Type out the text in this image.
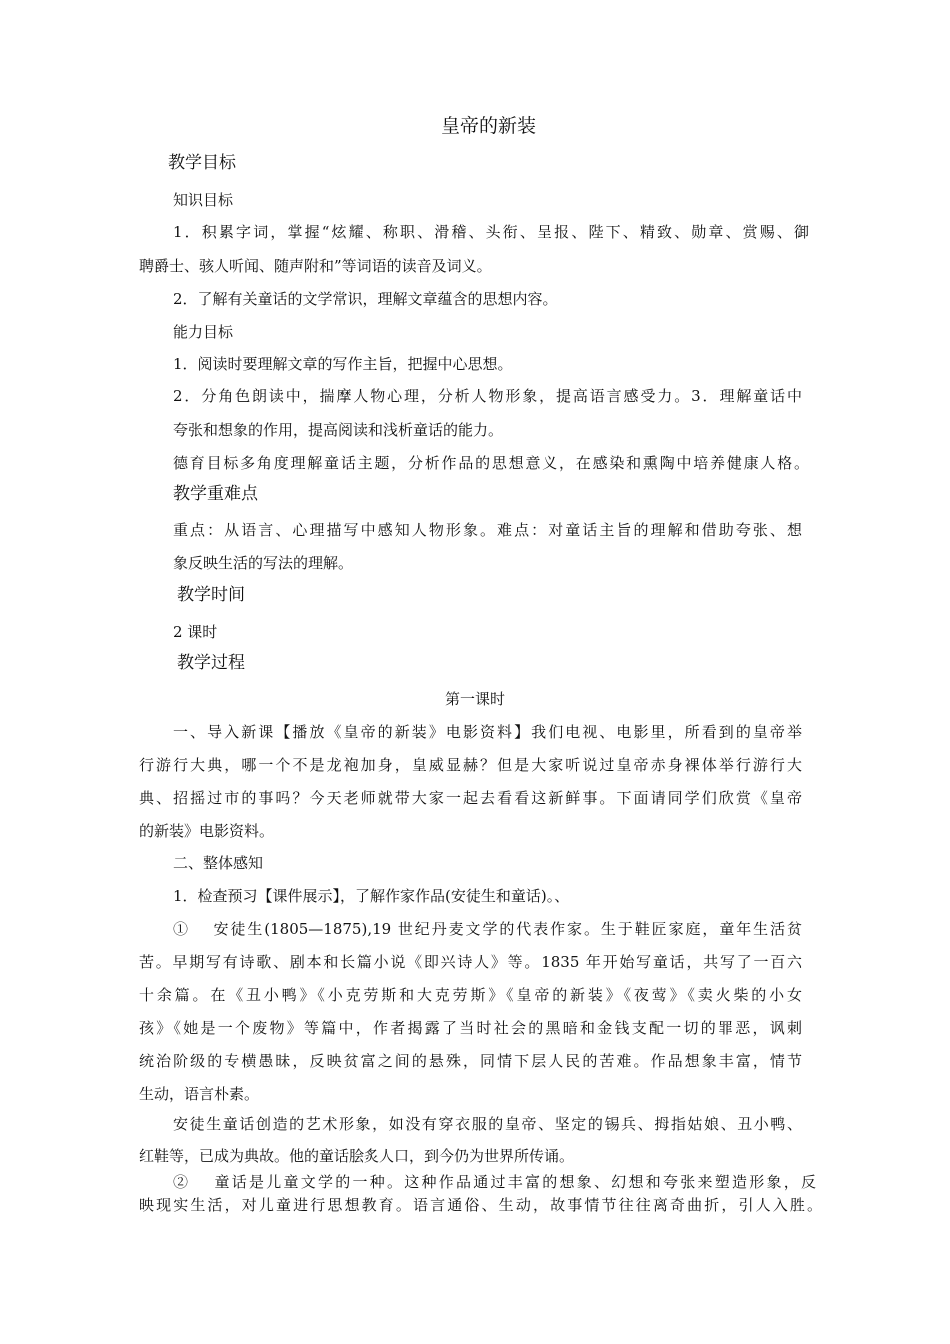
皇帝的新装
教学目标
知识目标
1．积累字词，掌握“炫耀、称职、滑稽、头衔、呈报、陛下、精致、勋章、赏赐、御
聘爵士、骇人听闻、随声附和”等词语的读音及词义。
2．了解有关童话的文学常识，理解文章蕴含的思想内容。
能力目标
1．阅读时要理解文章的写作主旨，把握中心思想。
2．分角色朗读中，揣摩人物心理，分析人物形象，提高语言感受力。3．理解童话中
夸张和想象的作用，提高阅读和浅析童话的能力。
德育目标多角度理解童话主题，分析作品的思想意义，在感染和熏陶中培养健康人格。
教学重难点
重点：从语言、心理描写中感知人物形象。难点：对童话主旨的理解和借助夸张、想
象反映生活的写法的理解。
教学时间
2 课时
教学过程
第一课时
一、导入新课【播放《皇帝的新装》电影资料】我们电视、电影里，所看到的皇帝举
行游行大典，哪一个不是龙袍加身，皇威显赫？但是大家听说过皇帝赤身裸体举行游行大
典、招摇过市的事吗？今天老师就带大家一起去看看这新鲜事。下面请同学们欣赏《皇帝
的新装》电影资料。
二、整体感知
1．检查预习【课件展示】，了解作家作品(安徒生和童话)。、
①　 安徒生(1805—1875),19 世纪丹麦文学的代表作家。生于鞋匠家庭，童年生活贫
苦。早期写有诗歌、剧本和长篇小说《即兴诗人》等。1835 年开始写童话，共写了一百六
十余篇。在《丑小鸭》《小克劳斯和大克劳斯》《皇帝的新装》《夜莺》《卖火柴的小女
孩》《她是一个废物》等篇中，作者揭露了当时社会的黑暗和金钱支配一切的罪恶，讽刺
统治阶级的专横愚昧，反映贫富之间的悬殊，同情下层人民的苦难。作品想象丰富，情节
生动，语言朴素。
安徒生童话创造的艺术形象，如没有穿衣服的皇帝、坚定的锡兵、拇指姑娘、丑小鸭、
红鞋等，已成为典故。他的童话脍炙人口，到今仍为世界所传诵。
②　 童话是儿童文学的一种。这种作品通过丰富的想象、幻想和夸张来塑造形象，反
映现实生活，对儿童进行思想教育。语言通俗、生动，故事情节往往离奇曲折，引人入胜。
